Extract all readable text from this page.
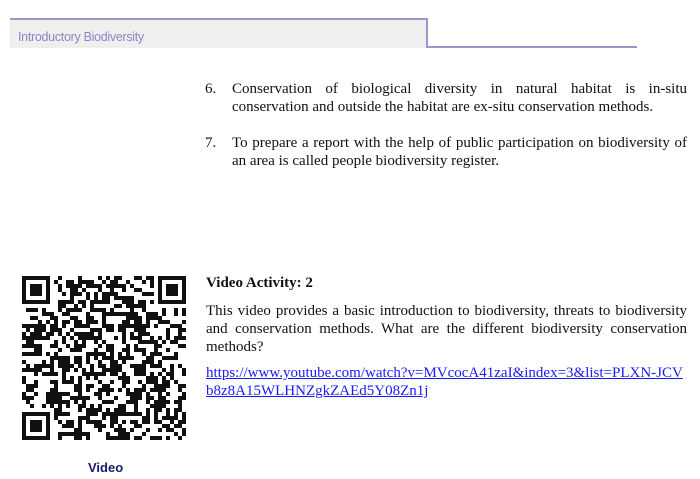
Introductory Biodiversity
6.	Conservation of biological diversity in natural habitat is in-situ conservation and outside the habitat are ex-situ conservation methods.
7.	To prepare a report with the help of public participation on biodiversity of an area is called people biodiversity register.
Video
Video Activity: 2

This video provides a basic introduction to biodiversity, threats to biodiversity and conservation methods. What are the different biodiversity conservation methods?

https://www.youtube.com/watch?v=MVcocA41zaI&index=3&list=PLXN-JCVb8z8A15WLHNZgkZAEd5Y08Zn1j
